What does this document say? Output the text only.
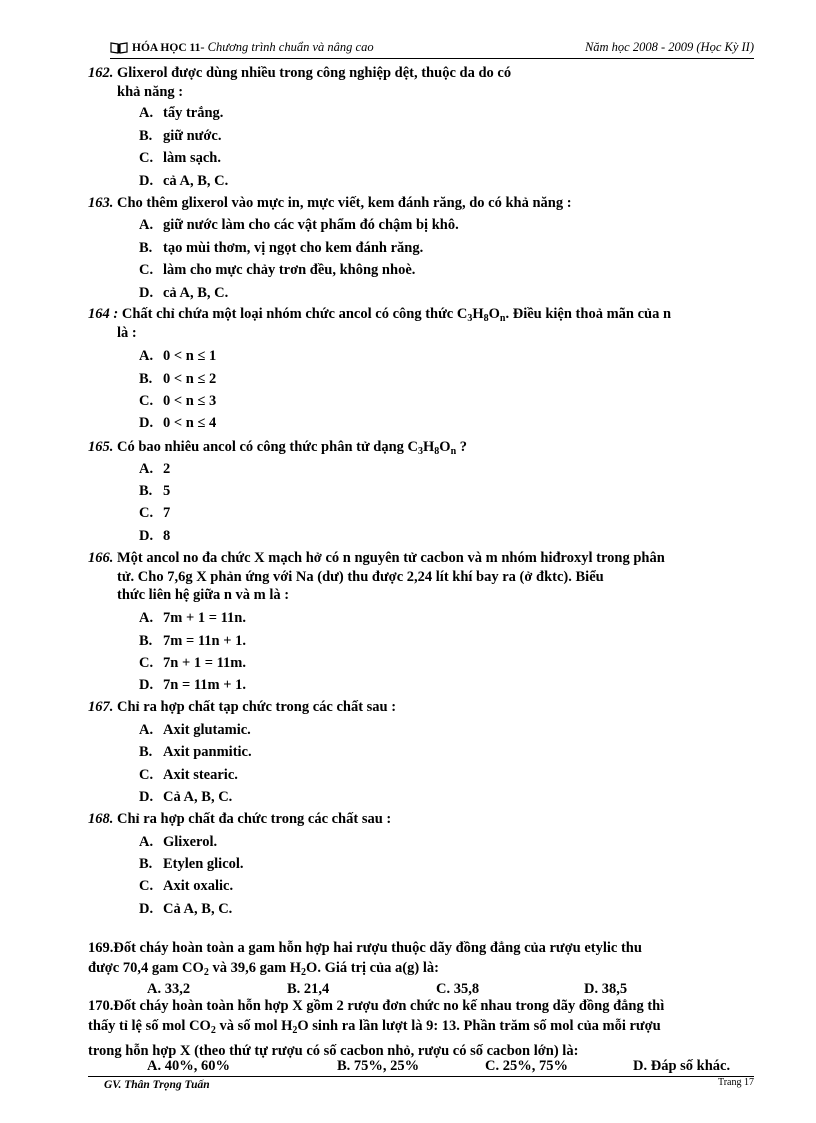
HÓA HỌC 11 - Chương trình chuẩn và nâng cao	Năm học 2008 - 2009 (Học Kỳ II)
162. Glixerol được dùng nhiều trong công nghiệp dệt, thuộc da do có
khả năng :
A. tẩy trắng.
B. giữ nước.
C. làm sạch.
D. cả A, B, C.
163. Cho thêm glixerol vào mực in, mực viết, kem đánh răng, do có khả năng :
A. giữ nước làm cho các vật phẩm đó chậm bị khô.
B. tạo mùi thơm, vị ngọt cho kem đánh răng.
C. làm cho mực chảy trơn đều, không nhoè.
D. cả A, B, C.
164 : Chất chỉ chứa một loại nhóm chức ancol có công thức $C_3H_8O_n$. Điều kiện thoả mãn của n
là :
A. 0 < n ≤ 1
B. 0 < n ≤ 2
C. 0 < n ≤ 3
D. 0 < n ≤ 4
165. Có bao nhiêu ancol có công thức phân tử dạng $C_3H_8O_n$ ?
A. 2
B. 5
C. 7
D. 8
166. Một ancol no đa chức X mạch hở có n nguyên tử cacbon và m nhóm hiđroxyl trong phân
tử. Cho 7,6g X phản ứng với Na (dư) thu được 2,24 lít khí bay ra (ở đktc). Biểu
thức liên hệ giữa n và m là :
A. 7m + 1 = 11n.
B. 7m = 11n + 1.
C. 7n + 1 = 11m.
D. 7n = 11m + 1.
167. Chỉ ra hợp chất tạp chức trong các chất sau :
A. Axit glutamic.
B. Axit panmitic.
C. Axit stearic.
D. Cả A, B, C.
168. Chỉ ra hợp chất đa chức trong các chất sau :
A. Glixerol.
B. Etylen glicol.
C. Axit oxalic.
D. Cả A, B, C.
169.Đốt cháy hoàn toàn a gam hỗn hợp hai rượu thuộc dãy đồng đẳng của rượu etylic thu
được 70,4 gam $CO_2$ và 39,6 gam $H_2O$. Giá trị của a(g) là:
A. 33,2	B. 21,4	C. 35,8	D. 38,5
170.Đốt cháy hoàn toàn hỗn hợp X gồm 2 rượu đơn chức no kế nhau trong dãy đồng đẳng thì
thấy tỉ lệ số mol $CO_2$ và số mol $H_2O$ sinh ra lần lượt là 9: 13. Phần trăm số mol của mỗi rượu
trong hỗn hợp X (theo thứ tự rượu có số cacbon nhỏ, rượu có số cacbon lớn) là:
A. 40%, 60%	B. 75%, 25%	C. 25%, 75%	D. Đáp số khác.
GV. Thân Trọng Tuấn	Trang 17
